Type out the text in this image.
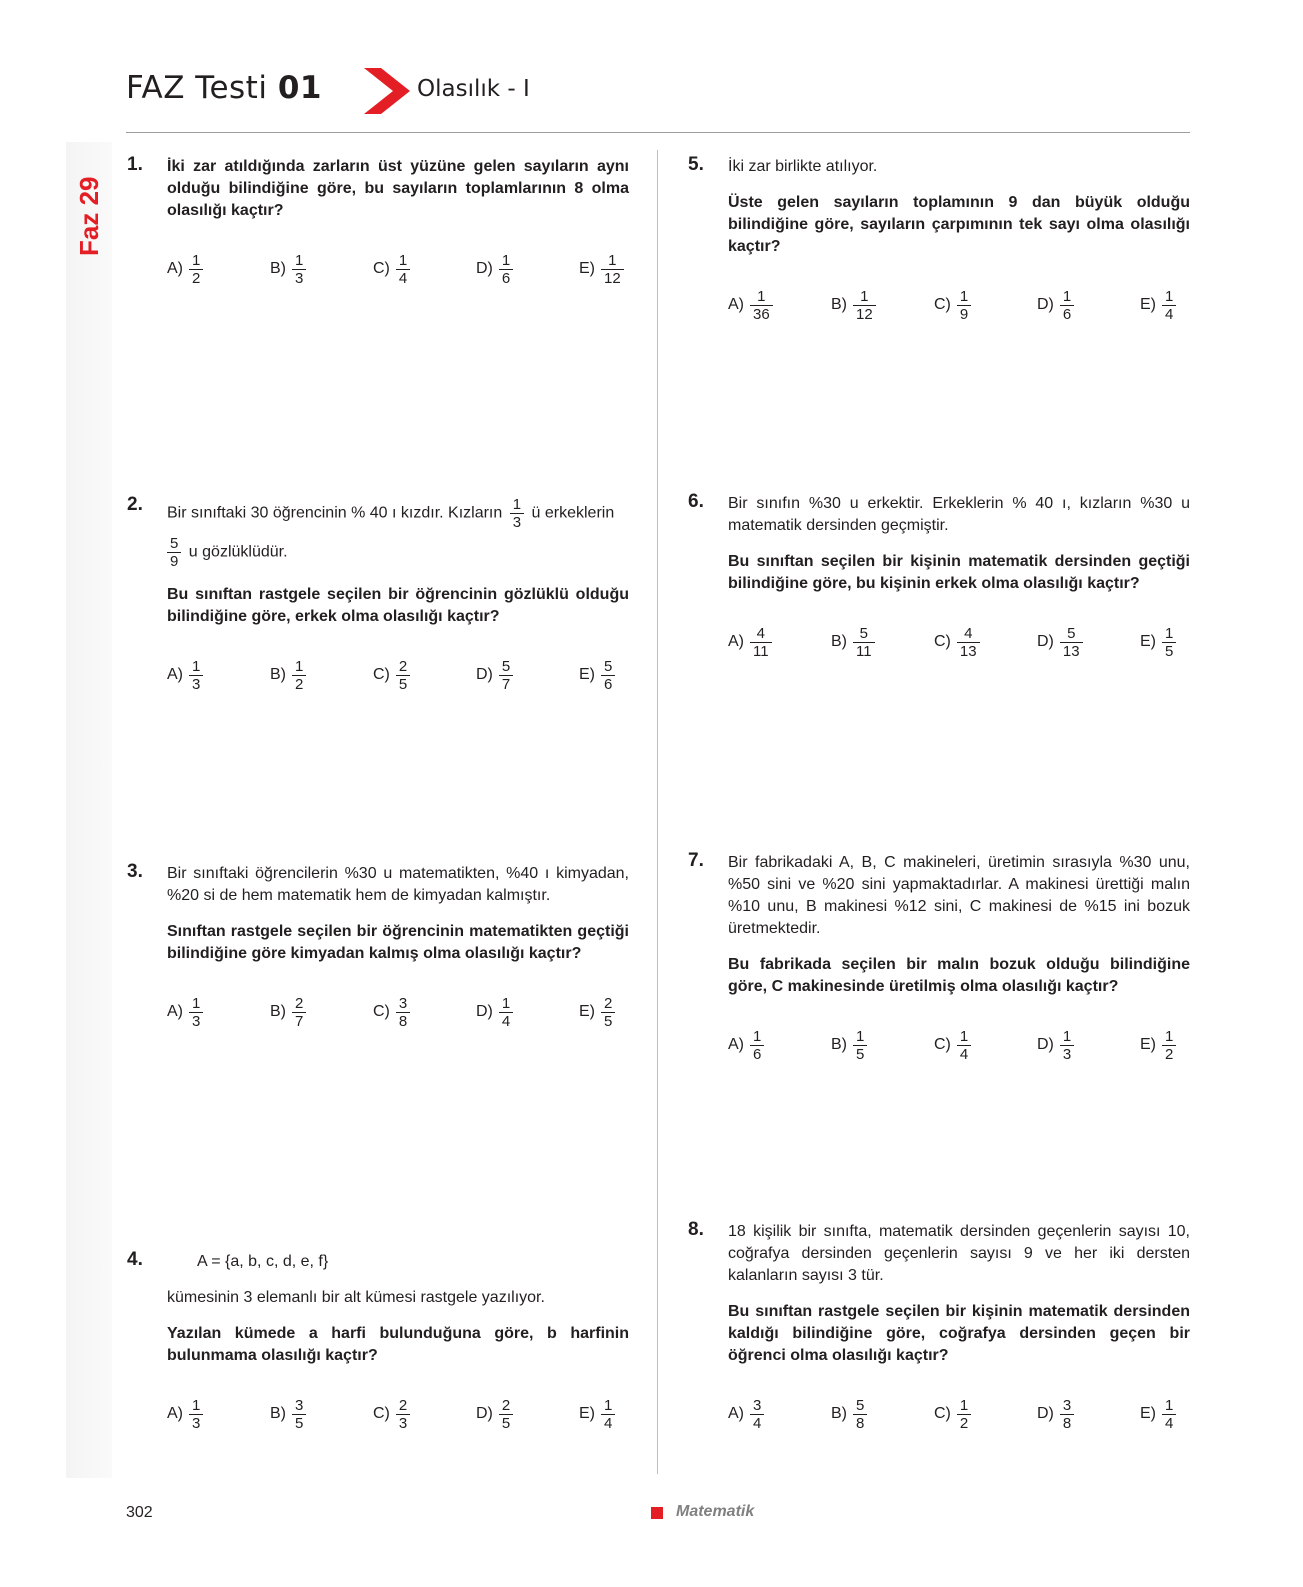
FAZ Testi 01	Olasılık - I
Faz 29
1. İki zar atıldığında zarların üst yüzüne gelen sayıların aynı olduğu bilindiğine göre, bu sayıların toplamlarının 8 olma olasılığı kaçtır?

$A) \frac{1}{2}$	$B) \frac{1}{3}$	$C) \frac{1}{4}$	$D) \frac{1}{6}$	$E) \frac{1}{12}$
2. Bir sınıftaki 30 öğrencinin % 40 ı kızdır. Kızların $\frac{1}{3}$ ü erkeklerin

$\frac{5}{9}$ u gözlüklüdür.

Bu sınıftan rastgele seçilen bir öğrencinin gözlüklü olduğu bilindiğine göre, erkek olma olasılığı kaçtır?

$A) \frac{1}{3}$	$B) \frac{1}{2}$	$C) \frac{2}{5}$	$D) \frac{5}{7}$	$E) \frac{5}{6}$
3. Bir sınıftaki öğrencilerin %30 u matematikten, %40 ı kimyadan, %20 si de hem matematik hem de kimyadan kalmıştır.

Sınıftan rastgele seçilen bir öğrencinin matematikten geçtiği bilindiğine göre kimyadan kalmış olma olasılığı kaçtır?

$A) \frac{1}{3}$	$B) \frac{2}{7}$	$C) \frac{3}{8}$	$D) \frac{1}{4}$	$E) \frac{2}{5}$
4.	A = {a, b, c, d, e, f}

kümesinin 3 elemanlı bir alt kümesi rastgele yazılıyor.

Yazılan kümede a harfi bulunduğuna göre, b harfinin bulunmama olasılığı kaçtır?

$A) \frac{1}{3}$	$B) \frac{3}{5}$	$C) \frac{2}{3}$	$D) \frac{2}{5}$	$E) \frac{1}{4}$
5. İki zar birlikte atılıyor.

Üste gelen sayıların toplamının 9 dan büyük olduğu bilindiğine göre, sayıların çarpımının tek sayı olma olasılığı kaçtır?

$A) \frac{1}{36}$	$B) \frac{1}{12}$	$C) \frac{1}{9}$	$D) \frac{1}{6}$	$E) \frac{1}{4}$
6. Bir sınıfın %30 u erkektir. Erkeklerin % 40 ı, kızların %30 u matematik dersinden geçmiştir.

Bu sınıftan seçilen bir kişinin matematik dersinden geçtiği bilindiğine göre, bu kişinin erkek olma olasılığı kaçtır?

$A) \frac{4}{11}$	$B) \frac{5}{11}$	$C) \frac{4}{13}$	$D) \frac{5}{13}$	$E) \frac{1}{5}$
7. Bir fabrikadaki A, B, C makineleri, üretimin sırasıyla %30 unu, %50 sini ve %20 sini yapmaktadırlar. A makinesi ürettiği malın %10 unu, B makinesi %12 sini, C makinesi de %15 ini bozuk üretmektedir.

Bu fabrikada seçilen bir malın bozuk olduğu bilindiğine göre, C makinesinde üretilmiş olma olasılığı kaçtır?

$A) \frac{1}{6}$	$B) \frac{1}{5}$	$C) \frac{1}{4}$	$D) \frac{1}{3}$	$E) \frac{1}{2}$
8. 18 kişilik bir sınıfta, matematik dersinden geçenlerin sayısı 10, coğrafya dersinden geçenlerin sayısı 9 ve her iki dersten kalanların sayısı 3 tür.

Bu sınıftan rastgele seçilen bir kişinin matematik dersinden kaldığı bilindiğine göre, coğrafya dersinden geçen bir öğrenci olma olasılığı kaçtır?

$A) \frac{3}{4}$	$B) \frac{5}{8}$	$C) \frac{1}{2}$	$D) \frac{3}{8}$	$E) \frac{1}{4}$
302	Matematik
